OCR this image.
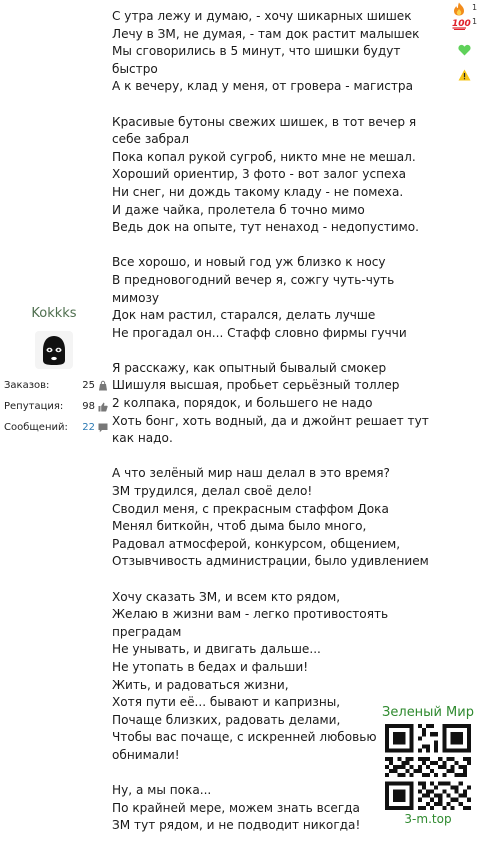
Kokkks
Заказов:	25
Репутация: 98
Сообщений: 22
С утра лежу и думаю, - хочу шикарных шишек
Лечу в ЗМ, не думая, - там док растит малышек
Мы сговорились в 5 минут, что шишки будут
быстро
А к вечеру, клад у меня, от гровера - магистра
Красивые бутоны свежих шишек, в тот вечер я
себе забрал
Пока копал рукой сугроб, никто мне не мешал.
Хороший ориентир, 3 фото - вот залог успеха
Ни снег, ни дождь такому кладу - не помеха.
И даже чайка, пролетела б точно мимо
Ведь док на опыте, тут ненаход - недопустимо.
Все хорошо, и новый год уж близко к носу
В предновогодний вечер я, сожгу чуть-чуть
мимозу
Док нам растил, старался, делать лучше
Не прогадал он... Стафф словно фирмы гуччи
Я расскажу, как опытный бывалый смокер
Шишуля высшая, пробьет серьёзный толлер
2 колпака, порядок, и большего не надо
Хоть бонг, хоть водный, да и джойнт решает тут
как надо.
А что зелёный мир наш делал в это время?
ЗМ трудился, делал своё дело!
Сводил меня, с прекрасным стаффом Дока
Менял биткойн, чтоб дыма было много,
Радовал атмосферой, конкурсом, общением,
Отзывчивость администрации, было удивлением
Хочу сказать ЗМ, и всем кто рядом,
Желаю в жизни вам - легко противостоять
преградам
Не унывать, и двигать дальше...
Не утопать в бедах и фальши!
Жить, и радоваться жизни,
Хотя пути её... бывают и капризны,
Почаще близких, радовать делами,
Чтобы вас почаще, с искренней любовью
обнимали!
Ну, а мы пока...
По крайней мере, можем знать всегда
ЗМ тут рядом, и не подводит никогда!
1
100 1
Зеленый Мир
3-m.top
